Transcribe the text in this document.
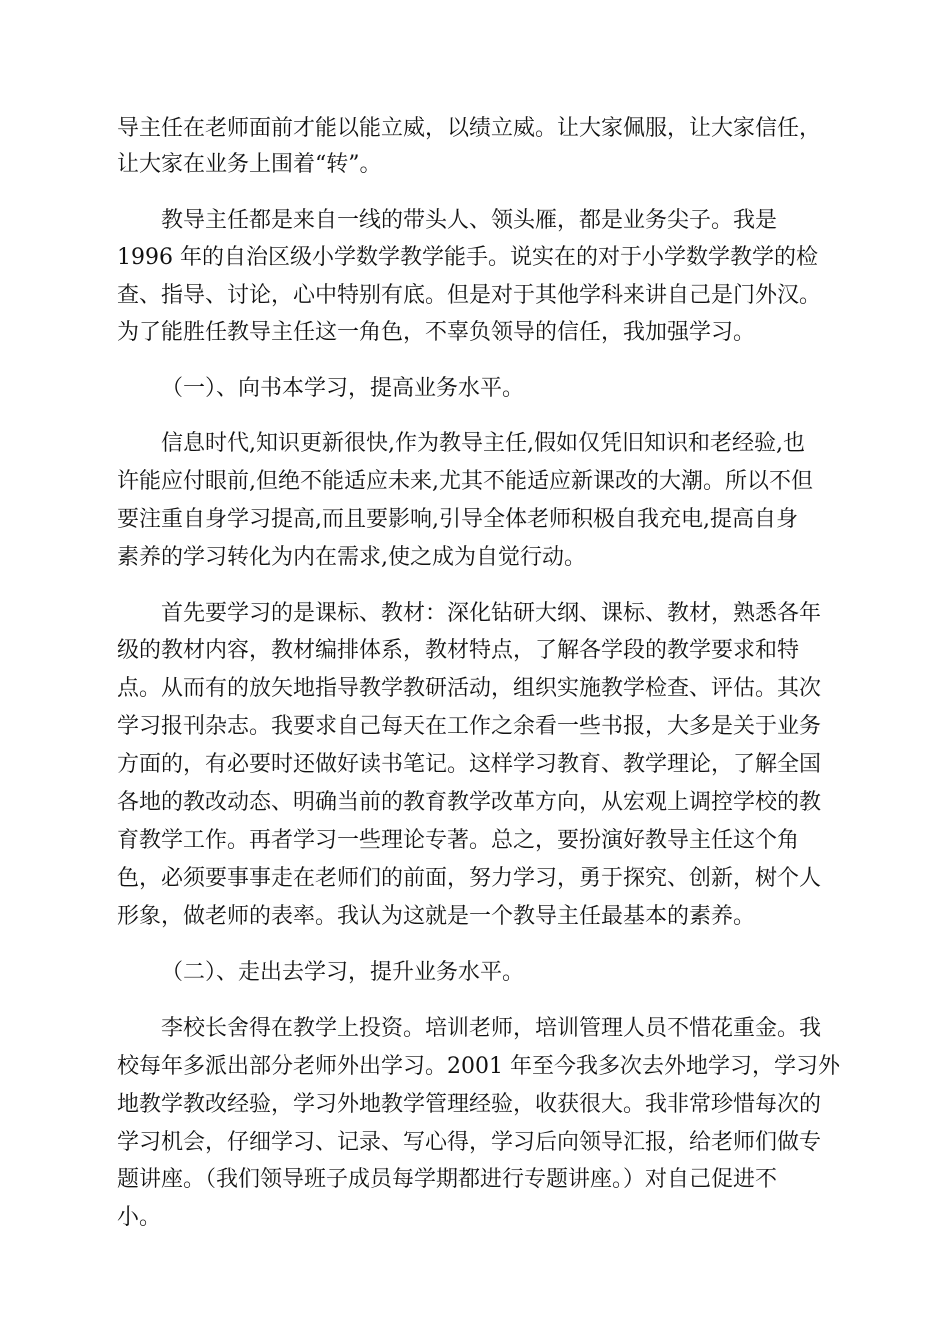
导主任在老师面前才能以能立威，以绩立威。让大家佩服，让大家信任，
让大家在业务上围着“转”。
教导主任都是来自一线的带头人、领头雁，都是业务尖子。我是
1996 年的自治区级小学数学教学能手。说实在的对于小学数学教学的检
查、指导、讨论，心中特别有底。但是对于其他学科来讲自己是门外汉。
为了能胜任教导主任这一角色，不辜负领导的信任，我加强学习。
（一）、向书本学习，提高业务水平。
信息时代,知识更新很快,作为教导主任,假如仅凭旧知识和老经验,也
许能应付眼前,但绝不能适应未来,尤其不能适应新课改的大潮。所以不但
要注重自身学习提高,而且要影响,引导全体老师积极自我充电,提高自身
素养的学习转化为内在需求,使之成为自觉行动。
首先要学习的是课标、教材：深化钻研大纲、课标、教材，熟悉各年
级的教材内容，教材编排体系，教材特点，了解各学段的教学要求和特
点。从而有的放矢地指导教学教研活动，组织实施教学检查、评估。其次
学习报刊杂志。我要求自己每天在工作之余看一些书报，大多是关于业务
方面的，有必要时还做好读书笔记。这样学习教育、教学理论，了解全国
各地的教改动态、明确当前的教育教学改革方向，从宏观上调控学校的教
育教学工作。再者学习一些理论专著。总之，要扮演好教导主任这个角
色，必须要事事走在老师们的前面，努力学习，勇于探究、创新，树个人
形象，做老师的表率。我认为这就是一个教导主任最基本的素养。
（二）、走出去学习，提升业务水平。
李校长舍得在教学上投资。培训老师，培训管理人员不惜花重金。我
校每年多派出部分老师外出学习。2001 年至今我多次去外地学习，学习外
地教学教改经验，学习外地教学管理经验，收获很大。我非常珍惜每次的
学习机会，仔细学习、记录、写心得，学习后向领导汇报，给老师们做专
题讲座。（我们领导班子成员每学期都进行专题讲座。）对自己促进不
小。
